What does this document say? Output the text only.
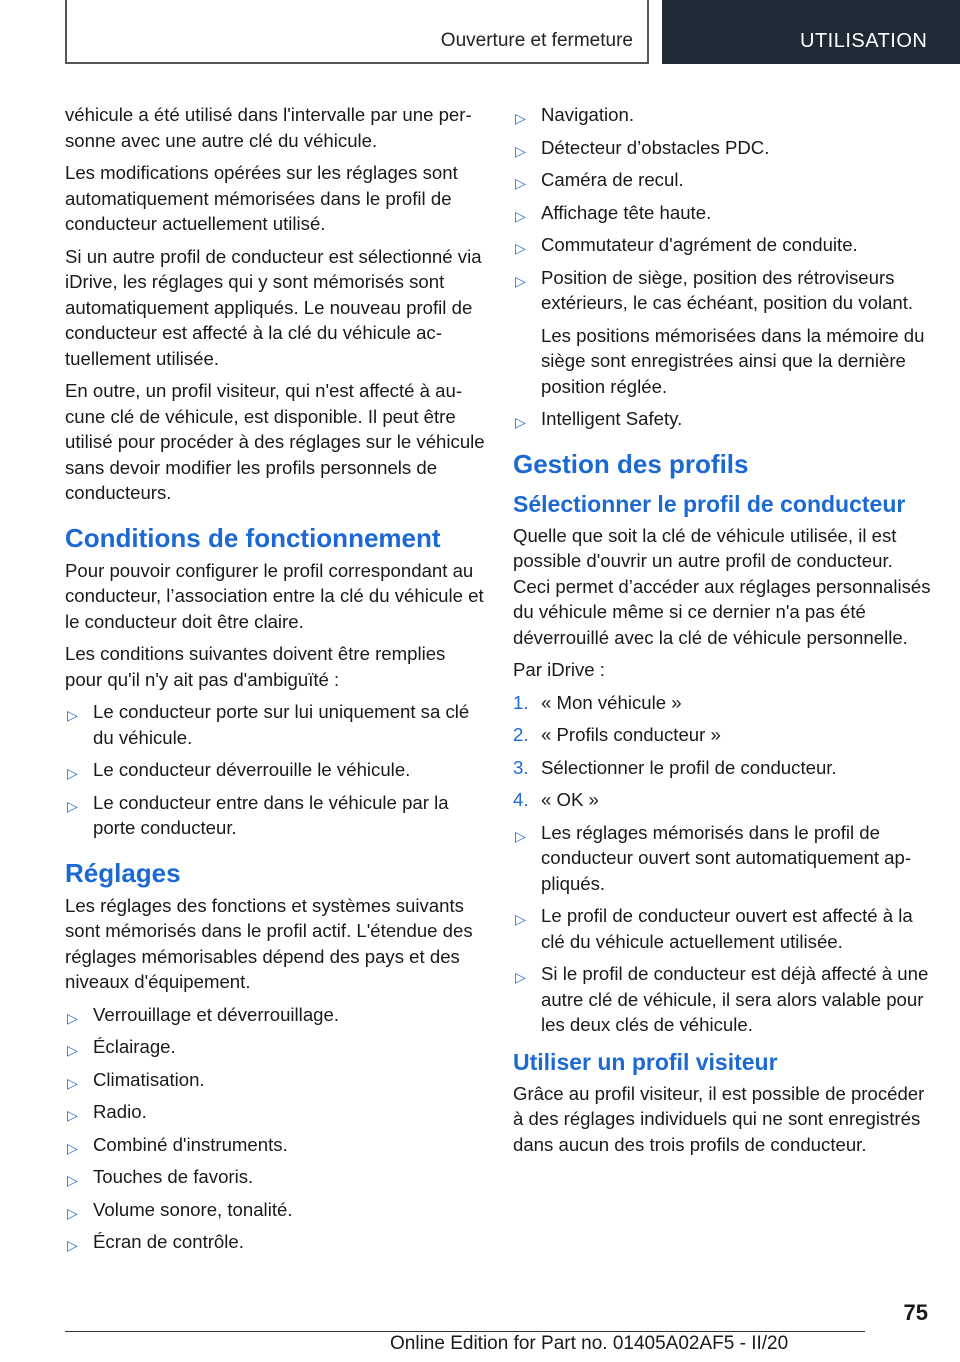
Ouverture et fermeture	UTILISATION

véhicule a été utilisé dans l'intervalle par une personne avec une autre clé du véhicule.

Les modifications opérées sur les réglages sont automatiquement mémorisées dans le profil de conducteur actuellement utilisé.

Si un autre profil de conducteur est sélectionné via iDrive, les réglages qui y sont mémorisés sont automatiquement appliqués. Le nouveau profil de conducteur est affecté à la clé du véhicule actuellement utilisée.

En outre, un profil visiteur, qui n'est affecté à aucune clé de véhicule, est disponible. Il peut être utilisé pour procéder à des réglages sur le véhicule sans devoir modifier les profils personnels de conducteurs.

Conditions de fonctionnement

Pour pouvoir configurer le profil correspondant au conducteur, l’association entre la clé du véhicule et le conducteur doit être claire.

Les conditions suivantes doivent être remplies pour qu'il n'y ait pas d'ambiguïté :

▷ Le conducteur porte sur lui uniquement sa clé du véhicule.
▷ Le conducteur déverrouille le véhicule.
▷ Le conducteur entre dans le véhicule par la porte conducteur.
Réglages

Les réglages des fonctions et systèmes suivants sont mémorisés dans le profil actif. L'étendue des réglages mémorisables dépend des pays et des niveaux d'équipement.

▷ Verrouillage et déverrouillage.
▷ Éclairage.
▷ Climatisation.
▷ Radio.
▷ Combiné d'instruments.
▷ Touches de favoris.
▷ Volume sonore, tonalité.
▷ Écran de contrôle.
▷ Navigation.
▷ Détecteur d’obstacles PDC.
▷ Caméra de recul.
▷ Affichage tête haute.
▷ Commutateur d'agrément de conduite.
▷ Position de siège, position des rétroviseurs extérieurs, le cas échéant, position du volant.

Les positions mémorisées dans la mémoire du siège sont enregistrées ainsi que la dernière position réglée.

▷ Intelligent Safety.
Gestion des profils
Sélectionner le profil de conducteur

Quelle que soit la clé de véhicule utilisée, il est possible d'ouvrir un autre profil de conducteur. Ceci permet d’accéder aux réglages personnalisés du véhicule même si ce dernier n'a pas été déverrouillé avec la clé de véhicule personnelle.

Par iDrive :

1. « Mon véhicule »
2. « Profils conducteur »
3. Sélectionner le profil de conducteur.
4. « OK »
▷ Les réglages mémorisés dans le profil de conducteur ouvert sont automatiquement appliqués.
▷ Le profil de conducteur ouvert est affecté à la clé du véhicule actuellement utilisée.
▷ Si le profil de conducteur est déjà affecté à une autre clé de véhicule, il sera alors valable pour les deux clés de véhicule.
Utiliser un profil visiteur

Grâce au profil visiteur, il est possible de procéder à des réglages individuels qui ne sont enregistrés dans aucun des trois profils de conducteur.

75
Online Edition for Part no. 01405A02AF5 - II/20
